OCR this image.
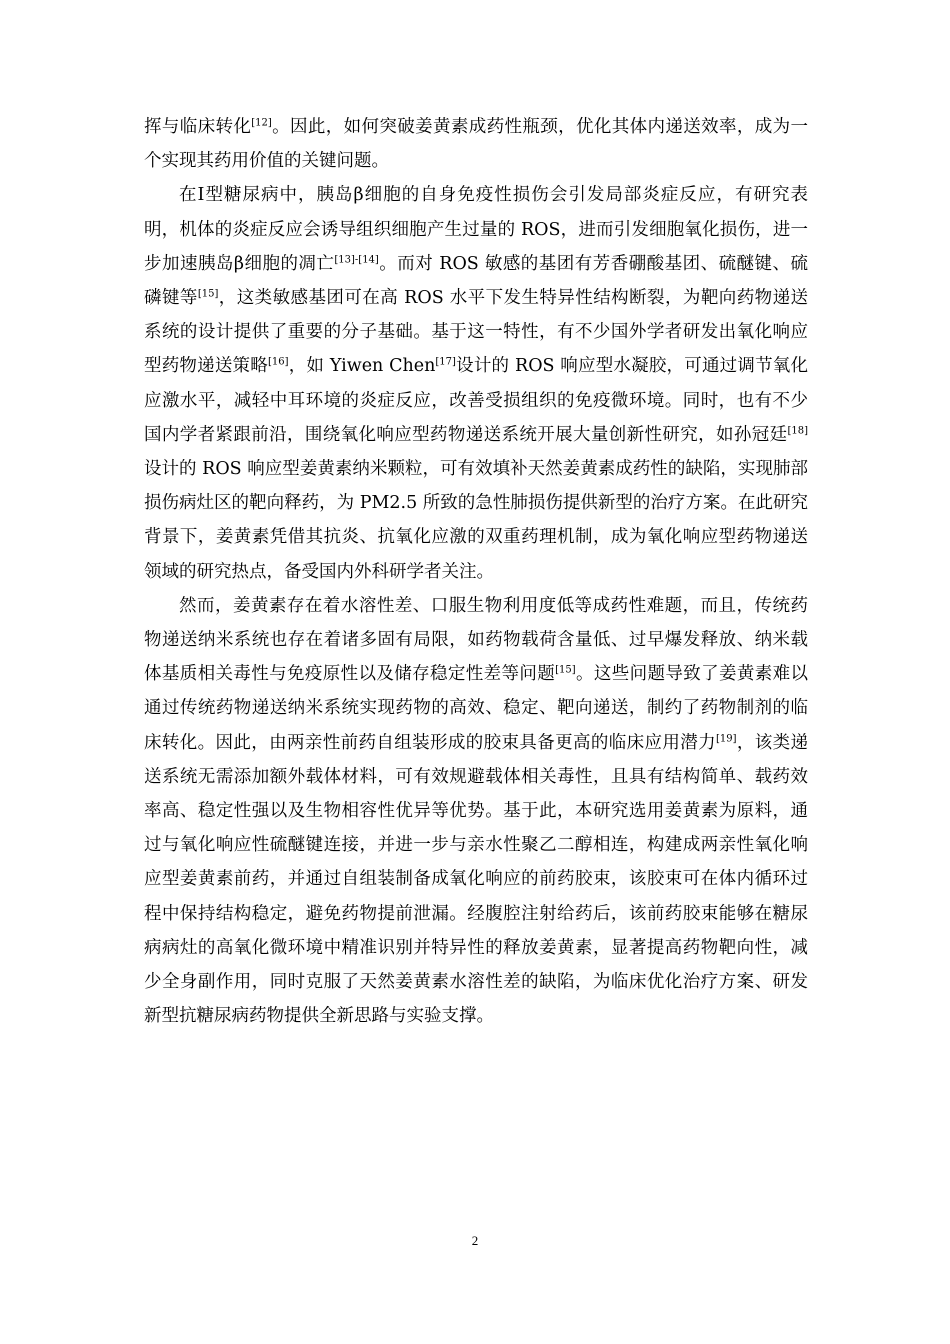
挥与临床转化[12]。因此，如何突破姜黄素成药性瓶颈，优化其体内递送效率，成为一个实现其药用价值的关键问题。

在Ⅰ型糖尿病中，胰岛β细胞的自身免疫性损伤会引发局部炎症反应，有研究表明，机体的炎症反应会诱导组织细胞产生过量的 ROS，进而引发细胞氧化损伤，进一步加速胰岛β细胞的凋亡[13]-[14]。而对 ROS 敏感的基团有芳香硼酸基团、硫醚键、硫磷键等[15]，这类敏感基团可在高 ROS 水平下发生特异性结构断裂，为靶向药物递送系统的设计提供了重要的分子基础。基于这一特性，有不少国外学者研发出氧化响应型药物递送策略[16]，如 Yiwen Chen[17]设计的 ROS 响应型水凝胶，可通过调节氧化应激水平，减轻中耳环境的炎症反应，改善受损组织的免疫微环境。同时，也有不少国内学者紧跟前沿，围绕氧化响应型药物递送系统开展大量创新性研究，如孙冠廷[18]设计的 ROS 响应型姜黄素纳米颗粒，可有效填补天然姜黄素成药性的缺陷，实现肺部损伤病灶区的靶向释药，为 PM2.5 所致的急性肺损伤提供新型的治疗方案。在此研究背景下，姜黄素凭借其抗炎、抗氧化应激的双重药理机制，成为氧化响应型药物递送领域的研究热点，备受国内外科研学者关注。

然而，姜黄素存在着水溶性差、口服生物利用度低等成药性难题，而且，传统药物递送纳米系统也存在着诸多固有局限，如药物载荷含量低、过早爆发释放、纳米载体基质相关毒性与免疫原性以及储存稳定性差等问题[15]。这些问题导致了姜黄素难以通过传统药物递送纳米系统实现药物的高效、稳定、靶向递送，制约了药物制剂的临床转化。因此，由两亲性前药自组装形成的胶束具备更高的临床应用潜力[19]，该类递送系统无需添加额外载体材料，可有效规避载体相关毒性，且具有结构简单、载药效率高、稳定性强以及生物相容性优异等优势。基于此，本研究选用姜黄素为原料，通过与氧化响应性硫醚键连接，并进一步与亲水性聚乙二醇相连，构建成两亲性氧化响应型姜黄素前药，并通过自组装制备成氧化响应的前药胶束，该胶束可在体内循环过程中保持结构稳定，避免药物提前泄漏。经腹腔注射给药后，该前药胶束能够在糖尿病病灶的高氧化微环境中精准识别并特异性的释放姜黄素，显著提高药物靶向性，减少全身副作用，同时克服了天然姜黄素水溶性差的缺陷，为临床优化治疗方案、研发新型抗糖尿病药物提供全新思路与实验支撑。

2
